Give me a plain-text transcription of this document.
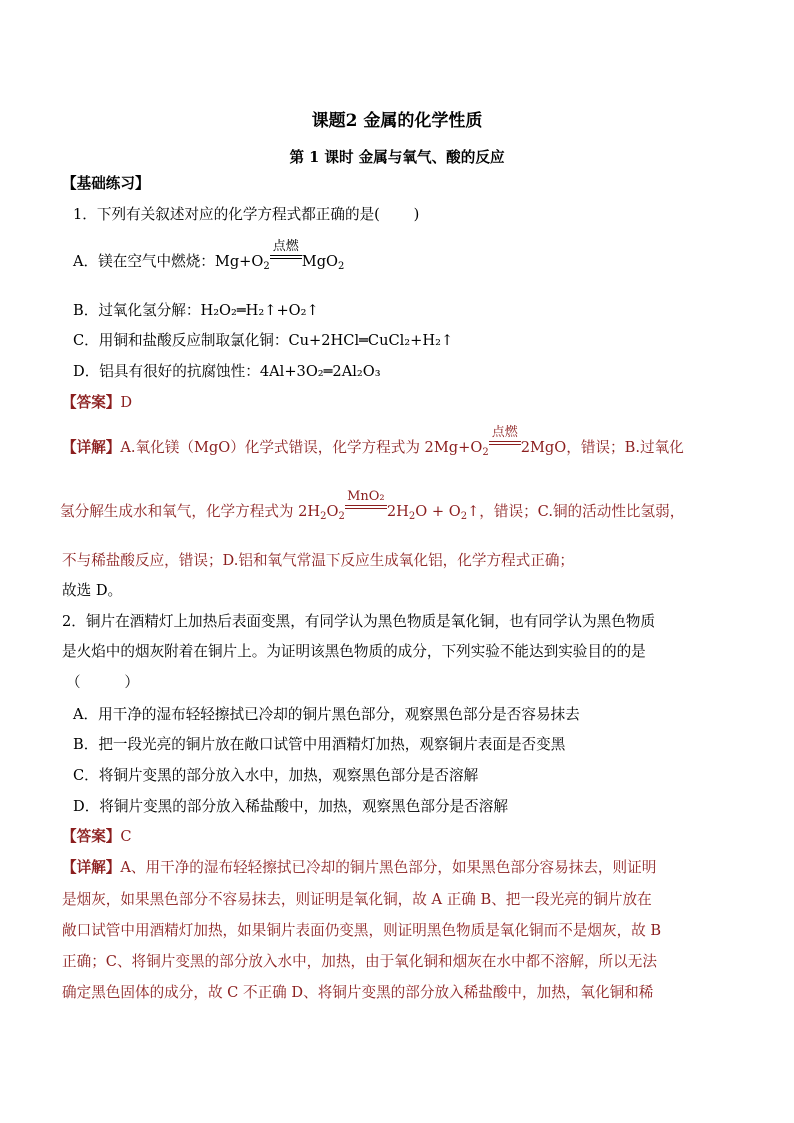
课题2 金属的化学性质
第 1 课时 金属与氧气、酸的反应
【基础练习】
1．下列有关叙述对应的化学方程式都正确的是(　　 )
A．镁在空气中燃烧：$Mg+O_2$
点燃
MgO$_2$
B．过氧化氢分解：H₂O₂═H₂↑+O₂↑
C．用铜和盐酸反应制取氯化铜：Cu+2HCl═CuCl₂+H₂↑
D．铝具有很好的抗腐蚀性：4Al+3O₂═2Al₂O₃
【答案】D
【详解】A.氧化镁（MgO）化学式错误，化学方程式为 $2Mg+O_2$
点燃
2MgO，错误；B.过氧化
氢分解生成水和氧气，化学方程式为 $2H_2O_2$
MnO₂
$2H_2O$ + $O_2↑$，错误；C.铜的活动性比氢弱，
不与稀盐酸反应，错误；D.铝和氧气常温下反应生成氧化铝，化学方程式正确；
故选 D。
2．铜片在酒精灯上加热后表面变黑，有同学认为黑色物质是氧化铜，也有同学认为黑色物质
是火焰中的烟灰附着在铜片上。为证明该黑色物质的成分，下列实验不能达到实验目的的是
（　　　）
A．用干净的湿布轻轻擦拭已冷却的铜片黑色部分，观察黑色部分是否容易抹去
B．把一段光亮的铜片放在敞口试管中用酒精灯加热，观察铜片表面是否变黑
C．将铜片变黑的部分放入水中，加热，观察黑色部分是否溶解
D．将铜片变黑的部分放入稀盐酸中，加热，观察黑色部分是否溶解
【答案】C
【详解】A、用干净的湿布轻轻擦拭已冷却的铜片黑色部分，如果黑色部分容易抹去，则证明
是烟灰，如果黑色部分不容易抹去，则证明是氧化铜，故 A 正确 B、把一段光亮的铜片放在
敞口试管中用酒精灯加热，如果铜片表面仍变黑，则证明黑色物质是氧化铜而不是烟灰，故 B
正确；C、将铜片变黑的部分放入水中，加热，由于氧化铜和烟灰在水中都不溶解，所以无法
确定黑色固体的成分，故 C 不正确 D、将铜片变黑的部分放入稀盐酸中，加热，氧化铜和稀
